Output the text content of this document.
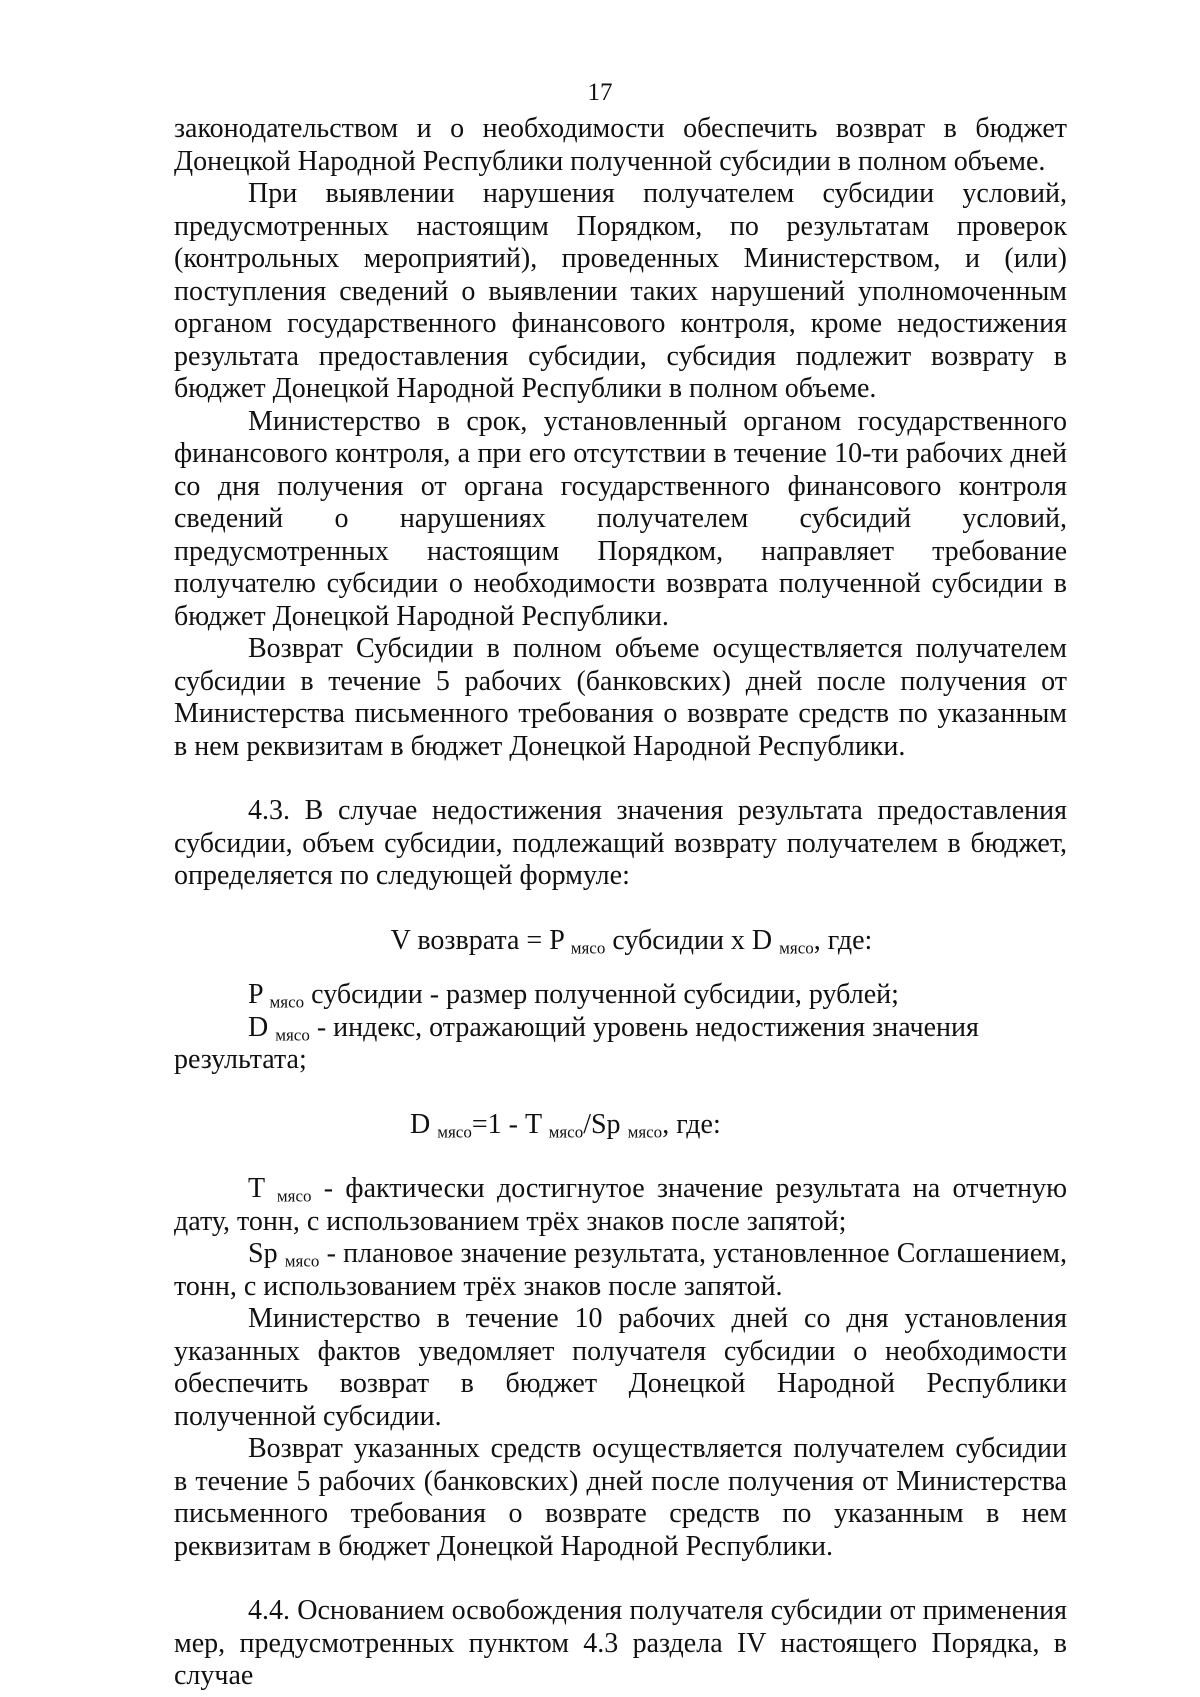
17

законодательством и о необходимости обеспечить возврат в бюджет Донецкой Народной Республики полученной субсидии в полном объеме.

При выявлении нарушения получателем субсидии условий, предусмотренных настоящим Порядком, по результатам проверок (контрольных мероприятий), проведенных Министерством, и (или) поступления сведений о выявлении таких нарушений уполномоченным органом государственного финансового контроля, кроме недостижения результата предоставления субсидии, субсидия подлежит возврату в бюджет Донецкой Народной Республики в полном объеме.

Министерство в срок, установленный органом государственного финансового контроля, а при его отсутствии в течение 10-ти рабочих дней со дня получения от органа государственного финансового контроля сведений о нарушениях получателем субсидий условий, предусмотренных настоящим Порядком, направляет требование получателю субсидии о необходимости возврата полученной субсидии в бюджет Донецкой Народной Республики.

Возврат Субсидии в полном объеме осуществляется получателем субсидии в течение 5 рабочих (банковских) дней после получения от Министерства письменного требования о возврате средств по указанным в нем реквизитам в бюджет Донецкой Народной Республики.

4.3. В случае недостижения значения результата предоставления субсидии, объем субсидии, подлежащий возврату получателем в бюджет, определяется по следующей формуле:

V возврата = P $_{мясо}$ субсидии x D $_{мясо}$, где:

P $_{мясо}$ субсидии - размер полученной субсидии, рублей;

D $_{мясо}$ - индекс, отражающий уровень недостижения значения результата;

D $_{мясо}$=1 - T $_{мясо}$/Sp $_{мясо}$, где:

T $_{мясо}$ - фактически достигнутое значение результата на отчетную дату, тонн, с использованием трёх знаков после запятой;

Sp $_{мясо}$ - плановое значение результата, установленное Соглашением, тонн, с использованием трёх знаков после запятой.

Министерство в течение 10 рабочих дней со дня установления указанных фактов уведомляет получателя субсидии о необходимости обеспечить возврат в бюджет Донецкой Народной Республики полученной субсидии.

Возврат указанных средств осуществляется получателем субсидии в течение 5 рабочих (банковских) дней после получения от Министерства письменного требования о возврате средств по указанным в нем реквизитам в бюджет Донецкой Народной Республики.

4.4. Основанием освобождения получателя субсидии от применения мер, предусмотренных пунктом 4.3 раздела IV настоящего Порядка, в случае
